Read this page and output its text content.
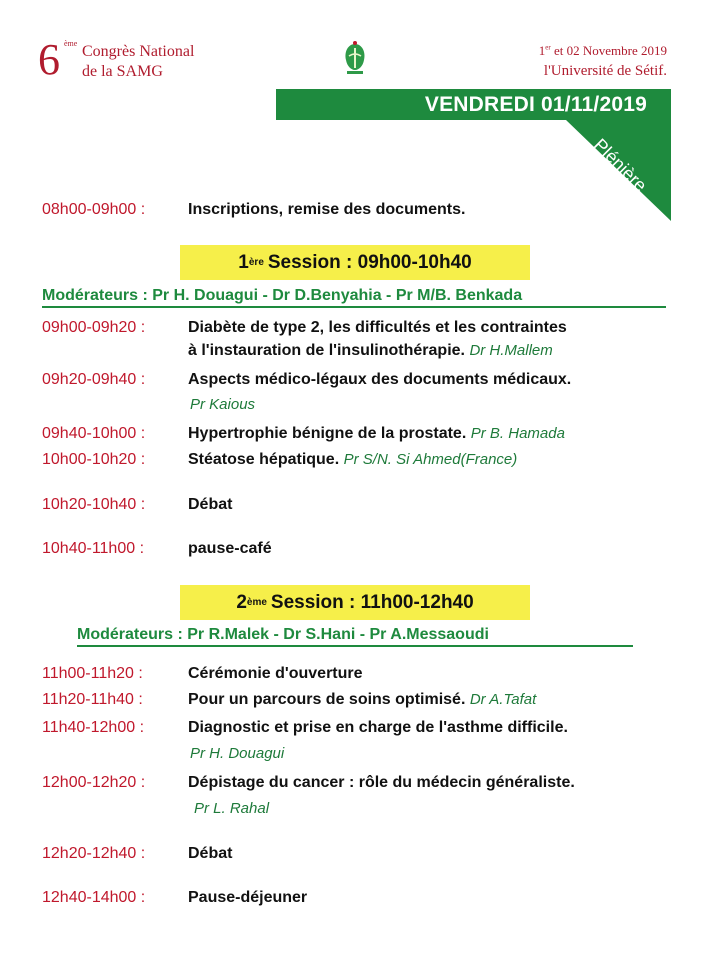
6 ème Congrès National
de la SAMG
1er et 02 Novembre 2019
l'Université de Sétif.
VENDREDI 01/11/2019
Plénière
08h00-09h00 :	Inscriptions, remise des documents.
1 ère Session : 09h00-10h40
Modérateurs : Pr H. Douagui - Dr D.Benyahia - Pr M/B. Benkada
09h00-09h20 :	Diabète de type 2, les difficultés et les contraintes
à l'instauration de l'insulinothérapie. Dr H.Mallem
09h20-09h40 :	Aspects médico-légaux des documents médicaux.
Pr Kaious
09h40-10h00 :	Hypertrophie bénigne de la prostate. Pr B. Hamada
10h00-10h20 :	Stéatose hépatique. Pr S/N. Si Ahmed(France)
10h20-10h40 :	Débat
10h40-11h00 :	pause-café
2 ème Session : 11h00-12h40
Modérateurs : Pr R.Malek - Dr S.Hani - Pr A.Messaoudi
11h00-11h20 :	Cérémonie d'ouverture
11h20-11h40 :	Pour un parcours de soins optimisé. Dr A.Tafat
11h40-12h00 :	Diagnostic et prise en charge de l'asthme difficile.
Pr H. Douagui
12h00-12h20 :	Dépistage du cancer : rôle du médecin généraliste.
Pr L. Rahal
12h20-12h40 :	Débat
12h40-14h00 :	Pause-déjeuner
